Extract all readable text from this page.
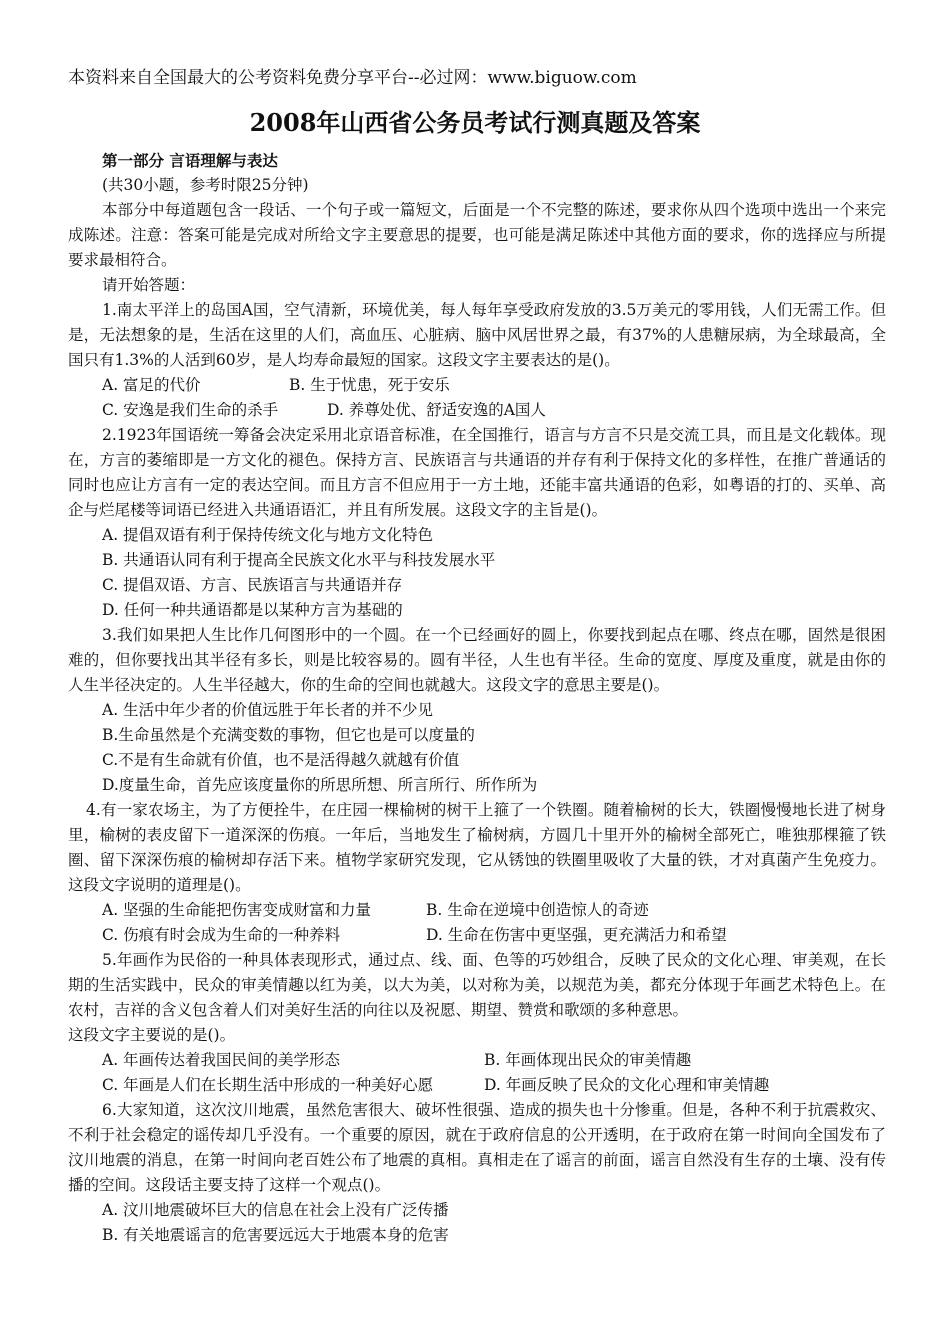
本资料来自全国最大的公考资料免费分享平台--必过网：www.biguow.com
2008年山西省公务员考试行测真题及答案

第一部分 言语理解与表达

(共30小题，参考时限25分钟)

本部分中每道题包含一段话、一个句子或一篇短文，后面是一个不完整的陈述，要求你从四个选项中选出一个来完成陈述。注意：答案可能是完成对所给文字主要意思的提要，也可能是满足陈述中其他方面的要求，你的选择应与所提要求最相符合。

请开始答题：

1.南太平洋上的岛国A国，空气清新，环境优美，每人每年享受政府发放的3.5万美元的零用钱，人们无需工作。但是，无法想象的是，生活在这里的人们，高血压、心脏病、脑中风居世界之最，有37%的人患糖尿病，为全球最高，全国只有1.3%的人活到60岁，是人均寿命最短的国家。这段文字主要表达的是()。

A. 富足的代价	B. 生于忧患，死于安乐
C. 安逸是我们生命的杀手	D. 养尊处优、舒适安逸的A国人

2.1923年国语统一筹备会决定采用北京语音标准，在全国推行，语言与方言不只是交流工具，而且是文化载体。现在，方言的萎缩即是一方文化的褪色。保持方言、民族语言与共通语的并存有利于保持文化的多样性，在推广普通话的同时也应让方言有一定的表达空间。而且方言不但应用于一方土地，还能丰富共通语的色彩，如粤语的打的、买单、高企与烂尾楼等词语已经进入共通语语汇，并且有所发展。这段文字的主旨是()。

A. 提倡双语有利于保持传统文化与地方文化特色

B. 共通语认同有利于提高全民族文化水平与科技发展水平

C. 提倡双语、方言、民族语言与共通语并存

D. 任何一种共通语都是以某种方言为基础的

3.我们如果把人生比作几何图形中的一个圆。在一个已经画好的圆上，你要找到起点在哪、终点在哪，固然是很困难的，但你要找出其半径有多长，则是比较容易的。圆有半径，人生也有半径。生命的宽度、厚度及重度，就是由你的人生半径决定的。人生半径越大，你的生命的空间也就越大。这段文字的意思主要是()。

A. 生活中年少者的价值远胜于年长者的并不少见

B.生命虽然是个充满变数的事物，但它也是可以度量的

C.不是有生命就有价值，也不是活得越久就越有价值

D.度量生命，首先应该度量你的所思所想、所言所行、所作所为

4.有一家农场主，为了方便拴牛，在庄园一棵榆树的树干上箍了一个铁圈。随着榆树的长大，铁圈慢慢地长进了树身里，榆树的表皮留下一道深深的伤痕。一年后，当地发生了榆树病，方圆几十里开外的榆树全部死亡，唯独那棵箍了铁圈、留下深深伤痕的榆树却存活下来。植物学家研究发现，它从锈蚀的铁圈里吸收了大量的铁，才对真菌产生免疫力。这段文字说明的道理是()。

A. 坚强的生命能把伤害变成财富和力量	B. 生命在逆境中创造惊人的奇迹
C. 伤痕有时会成为生命的一种养料	D. 生命在伤害中更坚强，更充满活力和希望

5.年画作为民俗的一种具体表现形式，通过点、线、面、色等的巧妙组合，反映了民众的文化心理、审美观，在长期的生活实践中，民众的审美情趣以红为美，以大为美，以对称为美，以规范为美，都充分体现于年画艺术特色上。在农村，吉祥的含义包含着人们对美好生活的向往以及祝愿、期望、赞赏和歌颂的多种意思。

这段文字主要说的是()。

A. 年画传达着我国民间的美学形态	B. 年画体现出民众的审美情趣
C. 年画是人们在长期生活中形成的一种美好心愿	D. 年画反映了民众的文化心理和审美情趣

6.大家知道，这次汶川地震，虽然危害很大、破坏性很强、造成的损失也十分惨重。但是，各种不利于抗震救灾、不利于社会稳定的谣传却几乎没有。一个重要的原因，就在于政府信息的公开透明，在于政府在第一时间向全国发布了汶川地震的消息，在第一时间向老百姓公布了地震的真相。真相走在了谣言的前面，谣言自然没有生存的土壤、没有传播的空间。这段话主要支持了这样一个观点()。

A. 汶川地震破坏巨大的信息在社会上没有广泛传播

B. 有关地震谣言的危害要远远大于地震本身的危害
